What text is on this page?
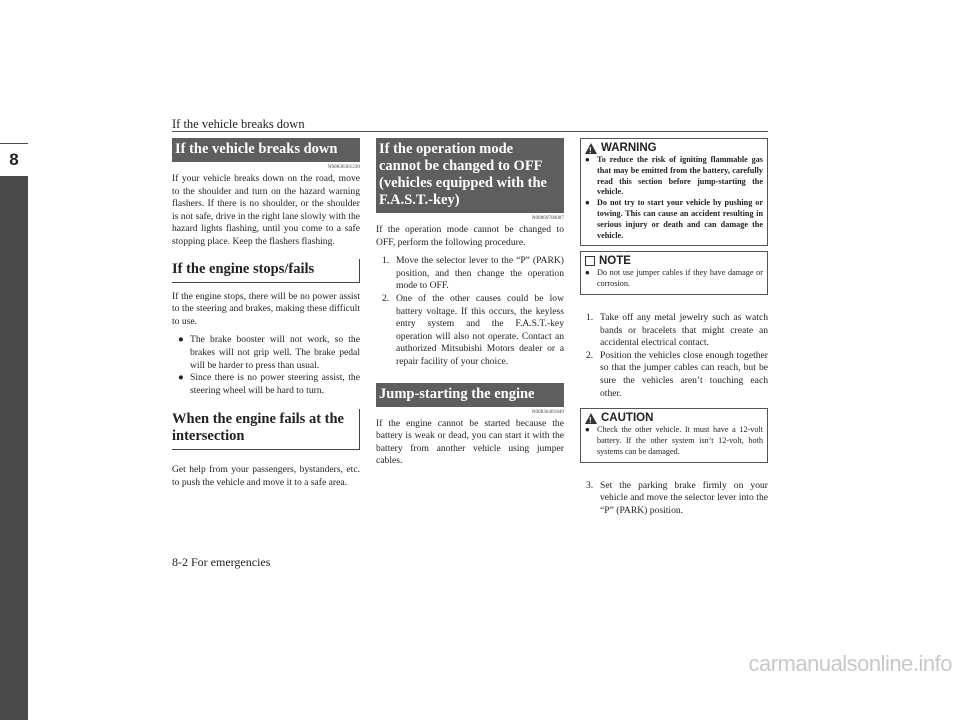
If the vehicle breaks down
8
If the vehicle breaks down
N00836301230

If your vehicle breaks down on the road, move to the shoulder and turn on the hazard warning flashers. If there is no shoulder, or the shoulder is not safe, drive in the right lane slowly with the hazard lights flashing, until you come to a safe stopping place. Keep the flashers flashing.

If the engine stops/fails

If the engine stops, there will be no power assist to the steering and brakes, making these difficult to use.

● The brake booster will not work, so the brakes will not grip well. The brake pedal will be harder to press than usual.
● Since there is no power steering assist, the steering wheel will be hard to turn.
When the engine fails at the intersection

Get help from your passengers, bystanders, etc. to push the vehicle and move it to a safe area.

If the operation mode cannot be changed to OFF (vehicles equipped with the F.A.S.T.-key)
N00860700087

If the operation mode cannot be changed to OFF, perform the following procedure.

1. Move the selector lever to the “P” (PARK) position, and then change the operation mode to OFF.
2. One of the other causes could be low battery voltage. If this occurs, the keyless entry system and the F.A.S.T.-key operation will also not operate. Contact an authorized Mitsubishi Motors dealer or a repair facility of your choice.
Jump-starting the engine
N00836401840

If the engine cannot be started because the battery is weak or dead, you can start it with the battery from another vehicle using jumper cables.

!
WARNING
● To reduce the risk of igniting flammable gas that may be emitted from the battery, carefully read this section before jump-starting the vehicle.
● Do not try to start your vehicle by pushing or towing. This can cause an accident resulting in serious injury or death and can damage the vehicle.
NOTE
● Do not use jumper cables if they have damage or corrosion.
1. Take off any metal jewelry such as watch bands or bracelets that might create an accidental electrical contact.
2. Position the vehicles close enough together so that the jumper cables can reach, but be sure the vehicles aren’t touching each other.
!
CAUTION
● Check the other vehicle. It must have a 12-volt battery. If the other system isn’t 12-volt, both systems can be damaged.
3. Set the parking brake firmly on your vehicle and move the selector lever into the “P” (PARK) position.
8-2 For emergencies
carmanualsonline.info
